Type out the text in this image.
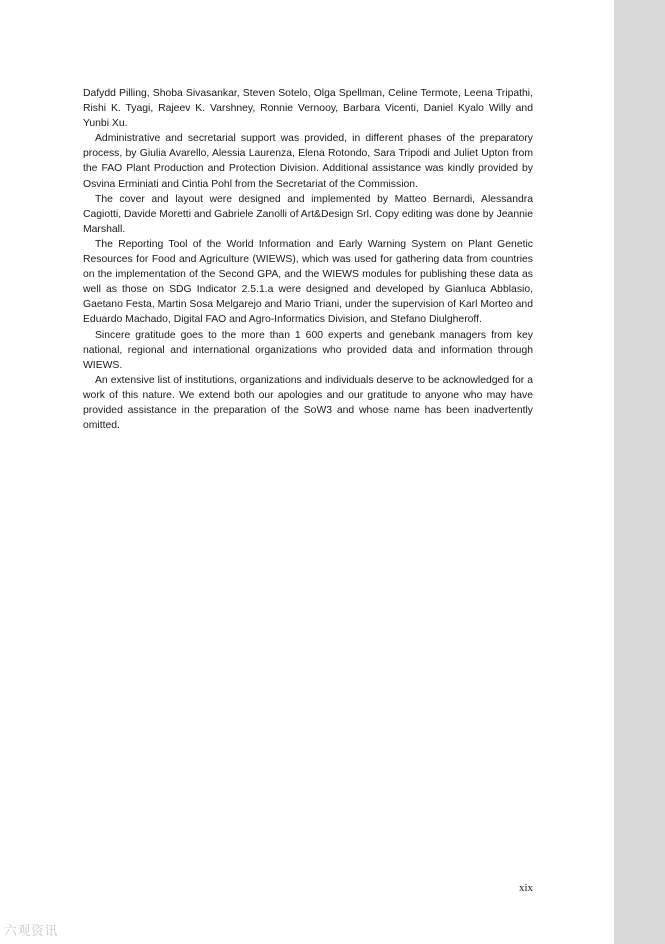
Dafydd Pilling, Shoba Sivasankar, Steven Sotelo, Olga Spellman, Celine Termote, Leena Tripathi, Rishi K. Tyagi, Rajeev K. Varshney, Ronnie Vernooy, Barbara Vicenti, Daniel Kyalo Willy and Yunbi Xu.

Administrative and secretarial support was provided, in different phases of the preparatory process, by Giulia Avarello, Alessia Laurenza, Elena Rotondo, Sara Tripodi and Juliet Upton from the FAO Plant Production and Protection Division. Additional assistance was kindly provided by Osvina Erminiati and Cintia Pohl from the Secretariat of the Commission.

The cover and layout were designed and implemented by Matteo Bernardi, Alessandra Cagiotti, Davide Moretti and Gabriele Zanolli of Art&Design Srl. Copy editing was done by Jeannie Marshall.

The Reporting Tool of the World Information and Early Warning System on Plant Genetic Resources for Food and Agriculture (WIEWS), which was used for gathering data from countries on the implementation of the Second GPA, and the WIEWS modules for publishing these data as well as those on SDG Indicator 2.5.1.a were designed and developed by Gianluca Abblasio, Gaetano Festa, Martin Sosa Melgarejo and Mario Triani, under the supervision of Karl Morteo and Eduardo Machado, Digital FAO and Agro-Informatics Division, and Stefano Diulgheroff.

Sincere gratitude goes to the more than 1 600 experts and genebank managers from key national, regional and international organizations who provided data and information through WIEWS.

An extensive list of institutions, organizations and individuals deserve to be acknowledged for a work of this nature. We extend both our apologies and our gratitude to anyone who may have provided assistance in the preparation of the SoW3 and whose name has been inadvertently omitted.

xix
六观资讯
